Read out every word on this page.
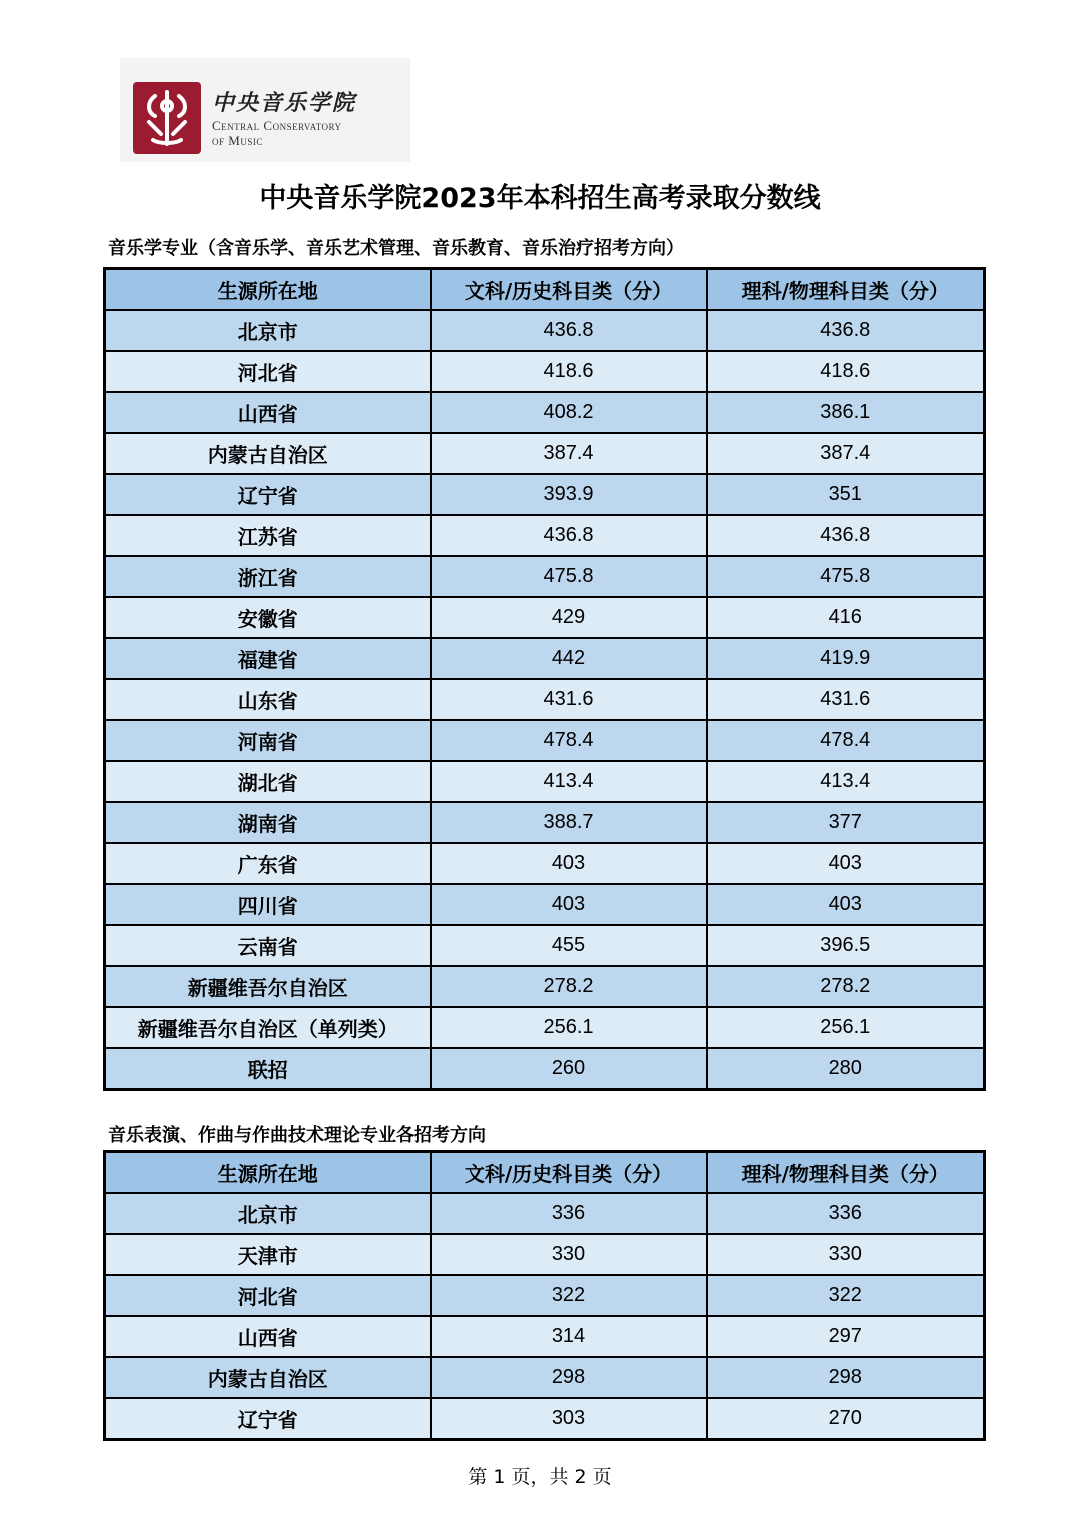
中央音乐学院
Central Conservatory
of Music
中央音乐学院2023年本科招生高考录取分数线
音乐学专业（含音乐学、音乐艺术管理、音乐教育、音乐治疗招考方向）
生源所在地	文科/历史科目类（分）	理科/物理科目类（分）
北京市	436.8	436.8
河北省	418.6	418.6
山西省	408.2	386.1
内蒙古自治区	387.4	387.4
辽宁省	393.9	351
江苏省	436.8	436.8
浙江省	475.8	475.8
安徽省	429	416
福建省	442	419.9
山东省	431.6	431.6
河南省	478.4	478.4
湖北省	413.4	413.4
湖南省	388.7	377
广东省	403	403
四川省	403	403
云南省	455	396.5
新疆维吾尔自治区	278.2	278.2
新疆维吾尔自治区（单列类）	256.1	256.1
联招	260	280
音乐表演、作曲与作曲技术理论专业各招考方向
生源所在地	文科/历史科目类（分）	理科/物理科目类（分）
北京市	336	336
天津市	330	330
河北省	322	322
山西省	314	297
内蒙古自治区	298	298
辽宁省	303	270
第 1 页，共 2 页
